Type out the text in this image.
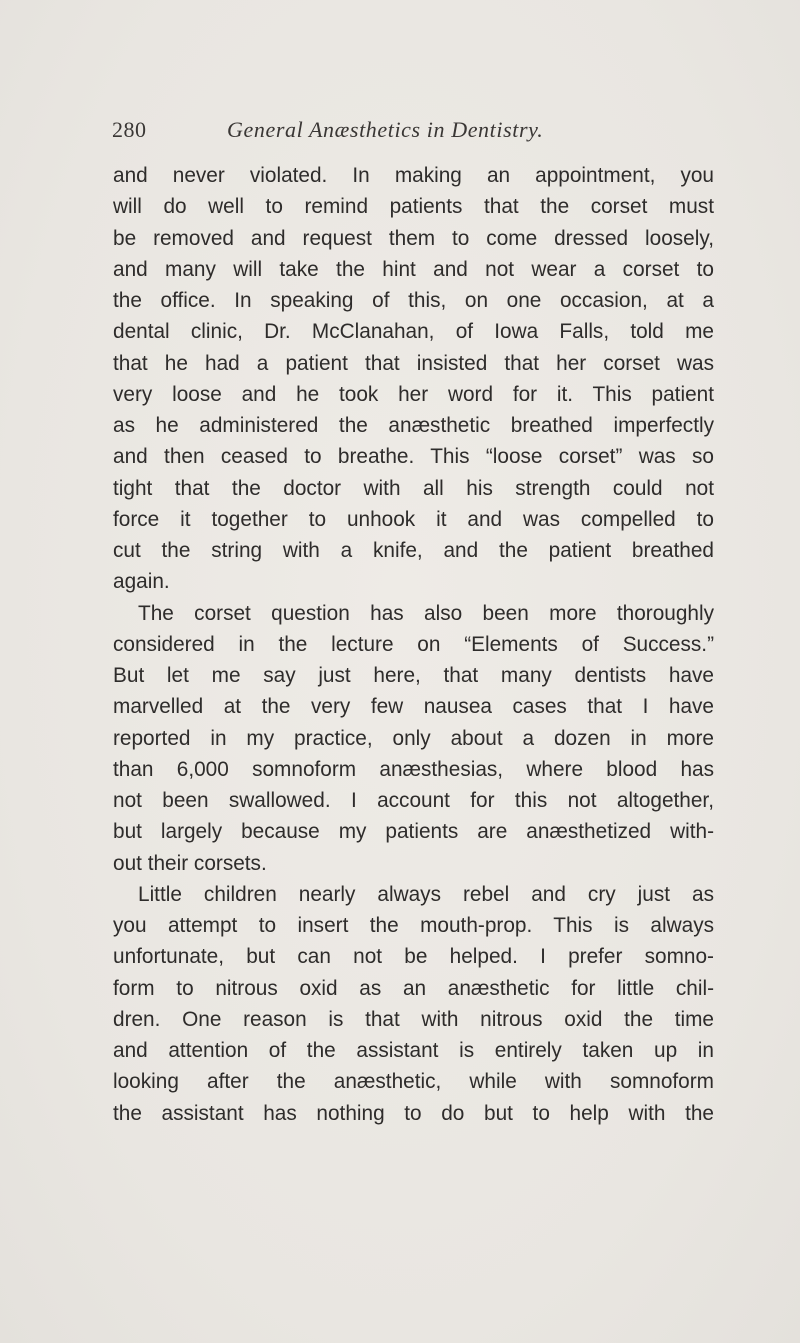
280	General Anæsthetics in Dentistry.
and never violated. In making an appointment, you
will do well to remind patients that the corset must
be removed and request them to come dressed loosely,
and many will take the hint and not wear a corset to
the office. In speaking of this, on one occasion, at a
dental clinic, Dr. McClanahan, of Iowa Falls, told me
that he had a patient that insisted that her corset was
very loose and he took her word for it. This patient
as he administered the anæsthetic breathed imperfectly
and then ceased to breathe. This “loose corset” was so
tight that the doctor with all his strength could not
force it together to unhook it and was compelled to
cut the string with a knife, and the patient breathed
again.
The corset question has also been more thoroughly
considered in the lecture on “Elements of Success.”
But let me say just here, that many dentists have
marvelled at the very few nausea cases that I have
reported in my practice, only about a dozen in more
than 6,000 somnoform anæsthesias, where blood has
not been swallowed. I account for this not altogether,
but largely because my patients are anæsthetized with-
out their corsets.
Little children nearly always rebel and cry just as
you attempt to insert the mouth-prop. This is always
unfortunate, but can not be helped. I prefer somno-
form to nitrous oxid as an anæsthetic for little chil-
dren. One reason is that with nitrous oxid the time
and attention of the assistant is entirely taken up in
looking after the anæsthetic, while with somnoform
the assistant has nothing to do but to help with the
